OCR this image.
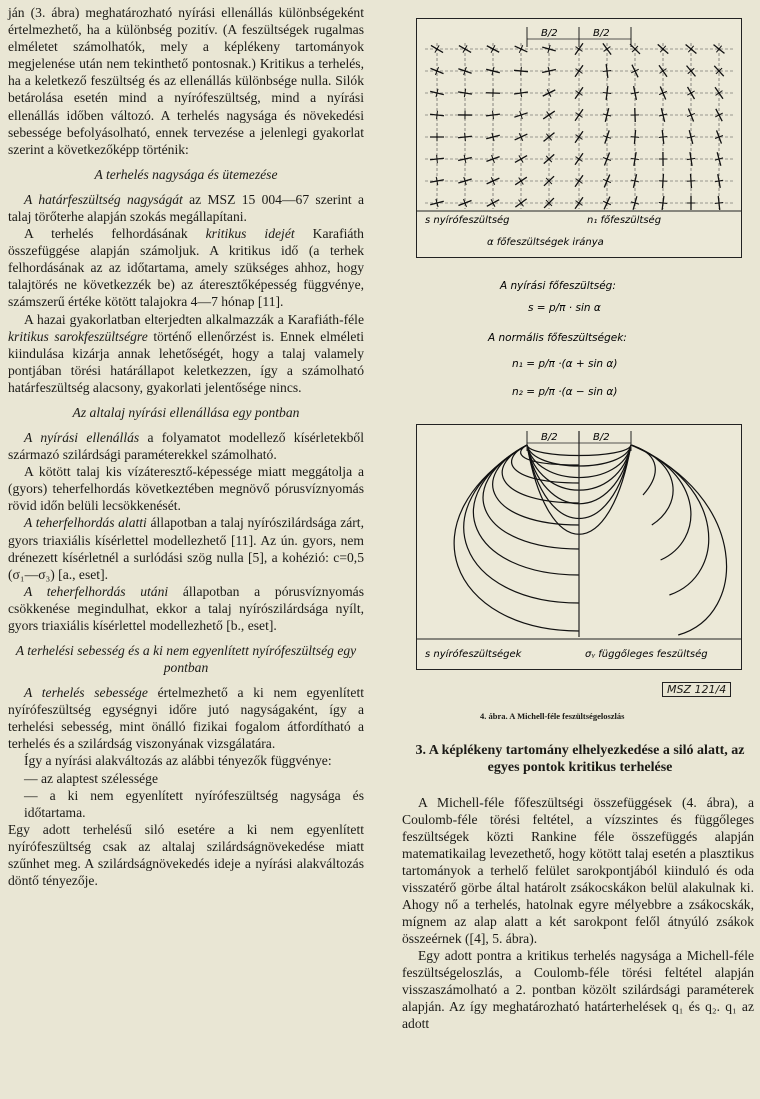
ján (3. ábra) meghatározható nyírási ellenállás különbségeként értelmezhető, ha a különbség pozitív. (A feszültségek rugalmas elméletet számolhatók, mely a képlékeny tartományok megjelenése után nem tekinthető pontosnak.) Kritikus a terhelés, ha a keletkező feszültség és az ellenállás különbsége nulla. Silók betárolása esetén mind a nyírófeszültség, mind a nyírási ellenállás időben változó. A terhelés nagysága és növekedési sebessége befolyásolható, ennek tervezése a jelenlegi gyakorlat szerint a következőképp történik:

A terhelés nagysága és ütemezése

A határfeszültség nagyságát az MSZ 15 004—67 szerint a talaj törőterhe alapján szokás megállapítani.

A terhelés felhordásának kritikus idejét Karafiáth összefüggése alapján számoljuk. A kritikus idő (a terhek felhordásának az az időtartama, amely szükséges ahhoz, hogy talajtörés ne következzék be) az áteresztőképesség függvénye, számszerű értéke kötött talajokra 4—7 hónap [11].

A hazai gyakorlatban elterjedten alkalmazzák a Karafiáth-féle kritikus sarokfeszültségre történő ellenőrzést is. Ennek elméleti kiindulása kizárja annak lehetőségét, hogy a talaj valamely pontjában törési határállapot keletkezzen, így a számolható határfeszültség alacsony, gyakorlati jelentősége nincs.

Az altalaj nyírási ellenállása egy pontban

A nyírási ellenállás a folyamatot modellező kísérletekből származó szilárdsági paraméterekkel számolható.

A kötött talaj kis vízáteresztő-képessége miatt meggátolja a (gyors) teherfelhordás következtében megnövő pórusvíznyomás rövid időn belüli lecsökkenését.

A teherfelhordás alatti állapotban a talaj nyírószilárdsága zárt, gyors triaxiális kísérlettel modellezhető [11]. Az ún. gyors, nem drénezett kísérletnél a surlódási szög nulla [5], a kohézió: c=0,5 (σ₁—σ₃) [a., eset].

A teherfelhordás utáni állapotban a pórusvíznyomás csökkenése megindulhat, ekkor a talaj nyírószilárdsága nyílt, gyors triaxiális kísérlettel modellezhető [b., eset].

A terhelési sebesség és a ki nem egyenlített nyírófeszültség egy pontban

A terhelés sebessége értelmezhető a ki nem egyenlített nyírófeszültség egységnyi időre jutó nagyságaként, így a terhelési sebesség, mint önálló fizikai fogalom átfordítható a terhelés és a szilárdság viszonyának vizsgálatára.

Így a nyírási alakváltozás az alábbi tényezők függvénye:

— az alaptest szélessége
— a ki nem egyenlített nyírófeszültség nagysága és időtartama.

Egy adott terhelésű siló esetére a ki nem egyenlített nyírófeszültség csak az altalaj szilárdságnövekedése miatt szűnhet meg. A szilárdságnövekedés ideje a nyírási alakváltozás döntő tényezője.

B/2	B/2
s nyírófeszültség	n₁ főfeszültség
α főfeszültségek iránya
A nyírási főfeszültség:
s = p/π · sin α
A normális főfeszültségek:
n₁ = p/π ·(α + sin α)
n₂ = p/π ·(α − sin α)
B/2	B/2
s nyírófeszültségek	σᵧ függőleges feszültség
MSZ 121/4
4. ábra. A Michell-féle feszültségeloszlás
3. A képlékeny tartomány elhelyezkedése a siló alatt, az egyes pontok kritikus terhelése

A Michell-féle főfeszültségi összefüggések (4. ábra), a Coulomb-féle törési feltétel, a vízszintes és függőleges feszültségek közti Rankine féle összefüggés alapján matematikailag levezethető, hogy kötött talaj esetén a plasztikus tartományok a terhelő felület sarokpontjából kiinduló és oda visszatérő görbe által határolt zsákocskákon belül alakulnak ki. Ahogy nő a terhelés, hatolnak egyre mélyebbre a zsákocskák, mígnem az alap alatt a két sarokpont felől átnyúló zsákok összeérnek ([4], 5. ábra).

Egy adott pontra a kritikus terhelés nagysága a Michell-féle feszültségeloszlás, a Coulomb-féle törési feltétel alapján visszaszámolható a 2. pontban közölt szilárdsági paraméterek alapján. Az így meghatározható határterhelések q₁ és q₂. q₁ az adott
